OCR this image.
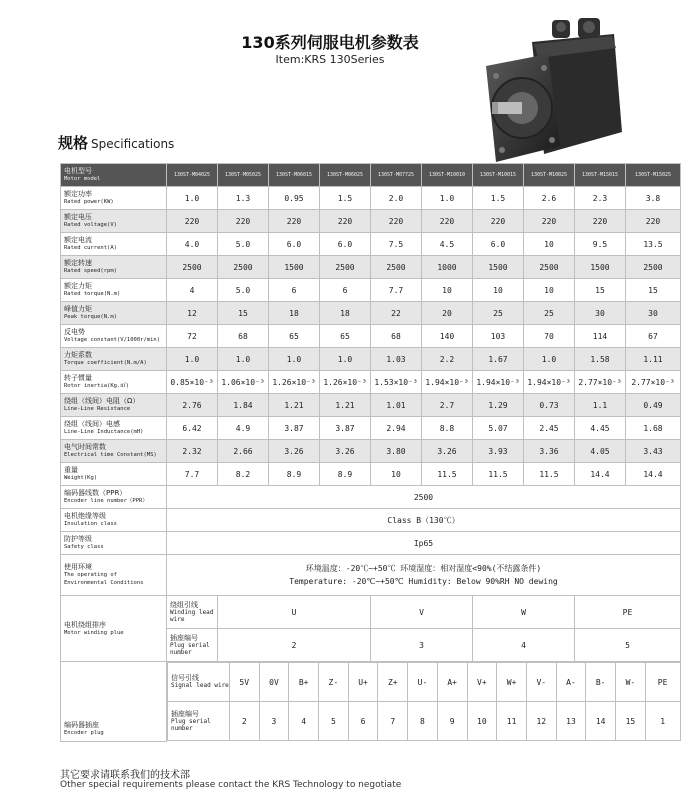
130系列伺服电机参数表
Item:KRS 130Series
规格 Specifications
电机型号
Motor model
	130ST-M04025	130ST-M05025	130ST-M06015	130ST-M06025	130ST-M07725	130ST-M10010	130ST-M10015	130ST-M10025	130ST-M15015	130ST-M15025

额定功率
Rated power(KW)	1.0	1.3	0.95	1.5	2.0	1.0	1.5	2.6	2.3	3.8

额定电压
Rated voltage(V)	220	220	220	220	220	220	220	220	220	220

额定电流
Rated current(A)	4.0	5.0	6.0	6.0	7.5	4.5	6.0	10	9.5	13.5

额定转速
Rated speed(rpm)	2500	2500	1500	2500	2500	1000	1500	2500	1500	2500

额定力矩
Rated torque(N.m)	4	5.0	6	6	7.7	10	10	10	15	15

峰值力矩
Peak torque(N.m)	12	15	18	18	22	20	25	25	30	30

反电势
Voltage constant(V/1000r/min)	72	68	65	65	68	140	103	70	114	67

力矩系数
Torque coefficient(N.m/A)	1.0	1.0	1.0	1.0	1.03	2.2	1.67	1.0	1.58	1.11

转子惯量
Rotor inertia(Kg.㎡)	0.85×10⁻³	1.06×10⁻³	1.26×10⁻³	1.26×10⁻³	1.53×10⁻³	1.94×10⁻³	1.94×10⁻³	1.94×10⁻³	2.77×10⁻³	2.77×10⁻³

绕组（线间）电阻（Ω）
Line-Line Resistance	2.76	1.84	1.21	1.21	1.01	2.7	1.29	0.73	1.1	0.49

绕组（线间）电感
Line-Line Inductance(mH)	6.42	4.9	3.87	3.87	2.94	8.8	5.07	2.45	4.45	1.68

电气时间常数
Electrical time Constant(MS)	2.32	2.66	3.26	3.26	3.80	3.26	3.93	3.36	4.05	3.43

重量
Weight(Kg)	7.7	8.2	8.9	8.9	10	11.5	11.5	11.5	14.4	14.4

编码器线数（PPR）
Encoder line number（PPR）	2500

电机绝缘等级
Insulation class	Class B（130℃）

防护等级
Safety class	Ip65

使用环境
The operating of
Environmental Conditions

环境温度：-20℃~+50℃ 环境湿度：相对湿度<90%(不结露条件)
Temperature: -20℃~+50℃ Humidity: Below 90%RH NO dewing

电机绕组排序
Motor winding plue

绕组引线
Winding lead wire
	U	V	W	PE

插座编号
Plug serial number
	2	3	4	5

编码器插座
Encoder plug

信号引线
Signal lead wire	5V	0V	B+	Z-	U+	Z+	U-	A+	V+	W+	V-	A-	B-	W-	PE

插座编号
Plug serial number
	2	3	4	5	6	7	8	9	10	11	12	13	14	15	1
其它要求请联系我们的技术部
Other special requirements please contact the KRS Technology to negotiate
